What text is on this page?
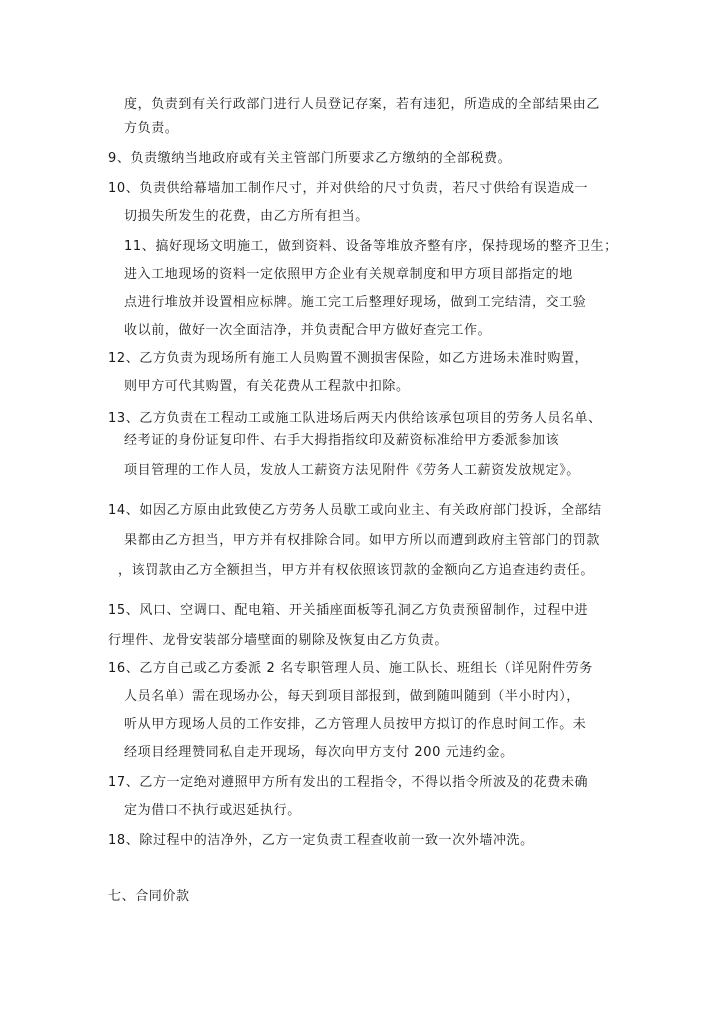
度，负责到有关行政部门进行人员登记存案，若有违犯，所造成的全部结果由乙
方负责。
9、负责缴纳当地政府或有关主管部门所要求乙方缴纳的全部税费。
10、负责供给幕墙加工制作尺寸，并对供给的尺寸负责，若尺寸供给有误造成一
切损失所发生的花费，由乙方所有担当。
11、搞好现场文明施工，做到资料、设备等堆放齐整有序，保持现场的整齐卫生；
进入工地现场的资料一定依照甲方企业有关规章制度和甲方项目部指定的地
点进行堆放并设置相应标牌。施工完工后整理好现场，做到工完结清，交工验
收以前，做好一次全面洁净，并负责配合甲方做好查完工作。
12、乙方负责为现场所有施工人员购置不测损害保险，如乙方进场未准时购置，
则甲方可代其购置，有关花费从工程款中扣除。
13、乙方负责在工程动工或施工队进场后两天内供给该承包项目的劳务人员名单、
经考证的身份证复印件、右手大拇指指纹印及薪资标准给甲方委派参加该
项目管理的工作人员，发放人工薪资方法见附件《劳务人工薪资发放规定》。
14、如因乙方原由此致使乙方劳务人员歇工或向业主、有关政府部门投诉，全部结
果都由乙方担当，甲方并有权排除合同。如甲方所以而遭到政府主管部门的罚款
，该罚款由乙方全额担当，甲方并有权依照该罚款的金额向乙方追查违约责任。
15、风口、空调口、配电箱、开关插座面板等孔洞乙方负责预留制作，过程中进
行埋件、龙骨安装部分墙壁面的剔除及恢复由乙方负责。
16、乙方自己或乙方委派 2 名专职管理人员、施工队长、班组长（详见附件劳务
人员名单）需在现场办公，每天到项目部报到，做到随叫随到（半小时内），
听从甲方现场人员的工作安排，乙方管理人员按甲方拟订的作息时间工作。未
经项目经理赞同私自走开现场，每次向甲方支付 200 元违约金。
17、乙方一定绝对遵照甲方所有发出的工程指令，不得以指令所波及的花费未确
定为借口不执行或迟延执行。
18、除过程中的洁净外，乙方一定负责工程查收前一致一次外墙冲洗。
七、合同价款
